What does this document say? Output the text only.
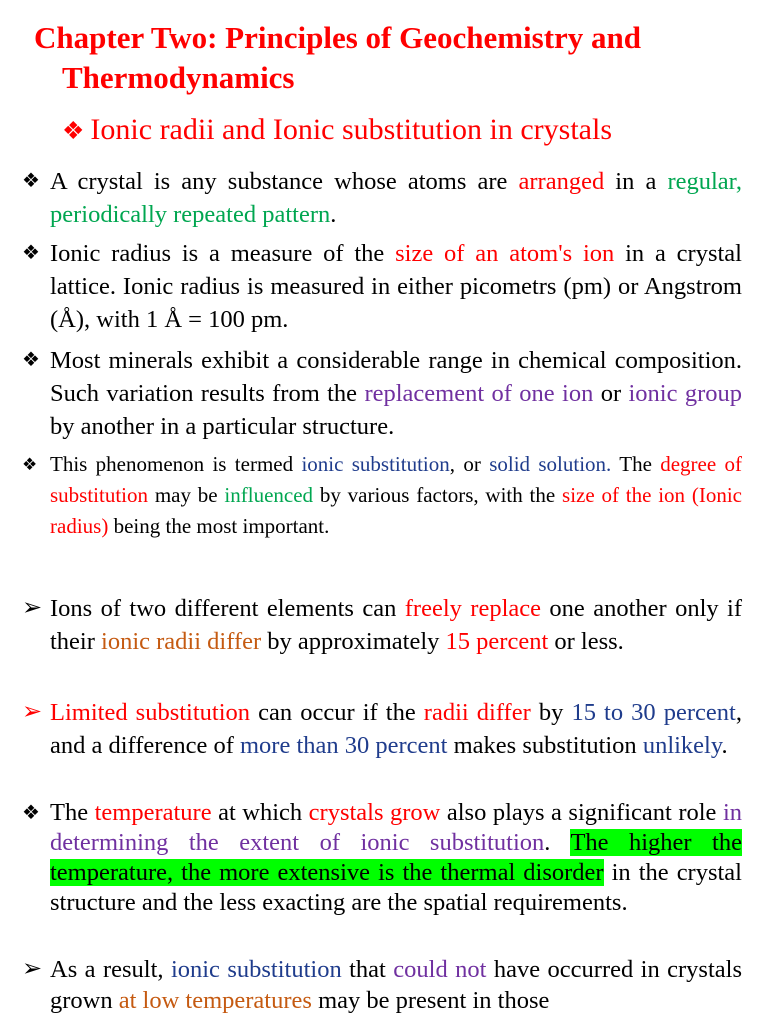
Chapter Two: Principles of Geochemistry and
Thermodynamics
❖ Ionic radii and Ionic substitution in crystals
❖ A crystal is any substance whose atoms are arranged in a regular, periodically repeated pattern.
❖ Ionic radius is a measure of the size of an atom's ion in a crystal lattice. Ionic radius is measured in either picometrs (pm) or Angstrom (Å), with 1 Å = 100 pm.
❖ Most minerals exhibit a considerable range in chemical composition. Such variation results from the replacement of one ion or ionic group by another in a particular structure.
❖ This phenomenon is termed ionic substitution, or solid solution. The degree of substitution may be influenced by various factors, with the size of the ion (Ionic radius) being the most important.
➢ Ions of two different elements can freely replace one another only if their ionic radii differ by approximately 15 percent or less.
➢ Limited substitution can occur if the radii differ by 15 to 30 percent, and a difference of more than 30 percent makes substitution unlikely.
❖ The temperature at which crystals grow also plays a significant role in determining the extent of ionic substitution. The higher the temperature, the more extensive is the thermal disorder in the crystal structure and the less exacting are the spatial requirements.
➢ As a result, ionic substitution that could not have occurred in crystals grown at low temperatures may be present in those
